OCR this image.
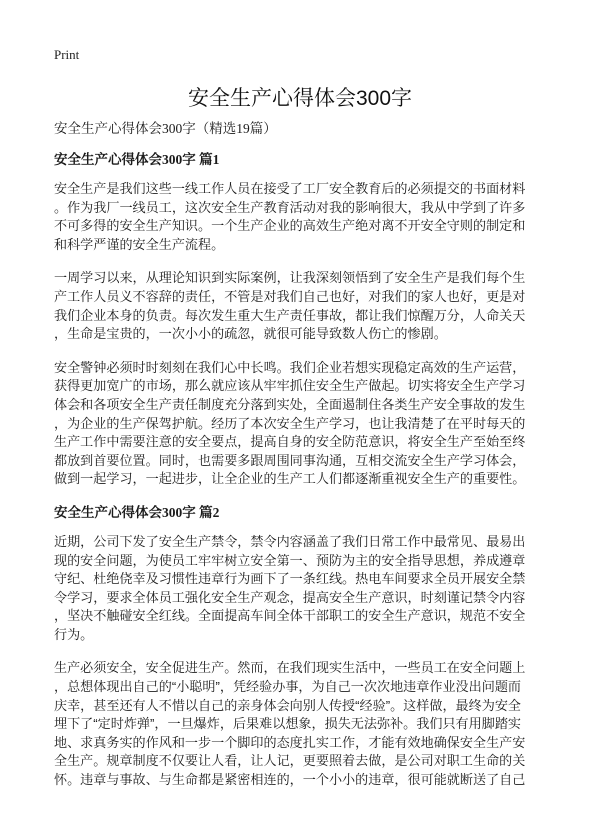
Print
安全生产心得体会300字
安全生产心得体会300字（精选19篇）
安全生产心得体会300字 篇1
安全生产是我们这些一线工作人员在接受了工厂安全教育后的必须提交的书面材料
。作为我厂一线员工，这次安全生产教育活动对我的影响很大，我从中学到了许多
不可多得的安全生产知识。一个生产企业的高效生产绝对离不开安全守则的制定和
和科学严谨的安全生产流程。
一周学习以来，从理论知识到实际案例，让我深刻领悟到了安全生产是我们每个生
产工作人员义不容辞的责任，不管是对我们自己也好，对我们的家人也好，更是对
我们企业本身的负责。每次发生重大生产责任事故，都让我们惊醒万分，人命关天
，生命是宝贵的，一次小小的疏忽，就很可能导致数人伤亡的惨剧。
安全警钟必须时时刻刻在我们心中长鸣。我们企业若想实现稳定高效的生产运营，
获得更加宽广的市场，那么就应该从牢牢抓住安全生产做起。切实将安全生产学习
体会和各项安全生产责任制度充分落到实处，全面遏制住各类生产安全事故的发生
，为企业的生产保驾护航。经历了本次安全生产学习，也让我清楚了在平时每天的
生产工作中需要注意的安全要点，提高自身的安全防范意识，将安全生产至始至终
都放到首要位置。同时，也需要多跟周围同事沟通，互相交流安全生产学习体会，
做到一起学习，一起进步，让全企业的生产工人们都逐渐重视安全生产的重要性。
安全生产心得体会300字 篇2
近期，公司下发了安全生产禁令，禁令内容涵盖了我们日常工作中最常见、最易出
现的安全问题，为使员工牢牢树立安全第一、预防为主的安全指导思想，养成遵章
守纪、杜绝侥幸及习惯性违章行为画下了一条红线。热电车间要求全员开展安全禁
令学习，要求全体员工强化安全生产观念，提高安全生产意识，时刻谨记禁令内容
，坚决不触碰安全红线。全面提高车间全体干部职工的安全生产意识，规范不安全
行为。
生产必须安全，安全促进生产。然而，在我们现实生活中，一些员工在安全问题上
，总想体现出自己的“小聪明”，凭经验办事，为自己一次次地违章作业没出问题而
庆幸，甚至还有人不惜以自己的亲身体会向别人传授“经验”。这样做，最终为安全
埋下了“定时炸弹”，一旦爆炸，后果难以想象，损失无法弥补。我们只有用脚踏实
地、求真务实的作风和一步一个脚印的态度扎实工作，才能有效地确保安全生产安
全生产。规章制度不仅要让人看，让人记，更要照着去做，是公司对职工生命的关
怀。违章与事故、与生命都是紧密相连的，一个小小的违章，很可能就断送了自己
